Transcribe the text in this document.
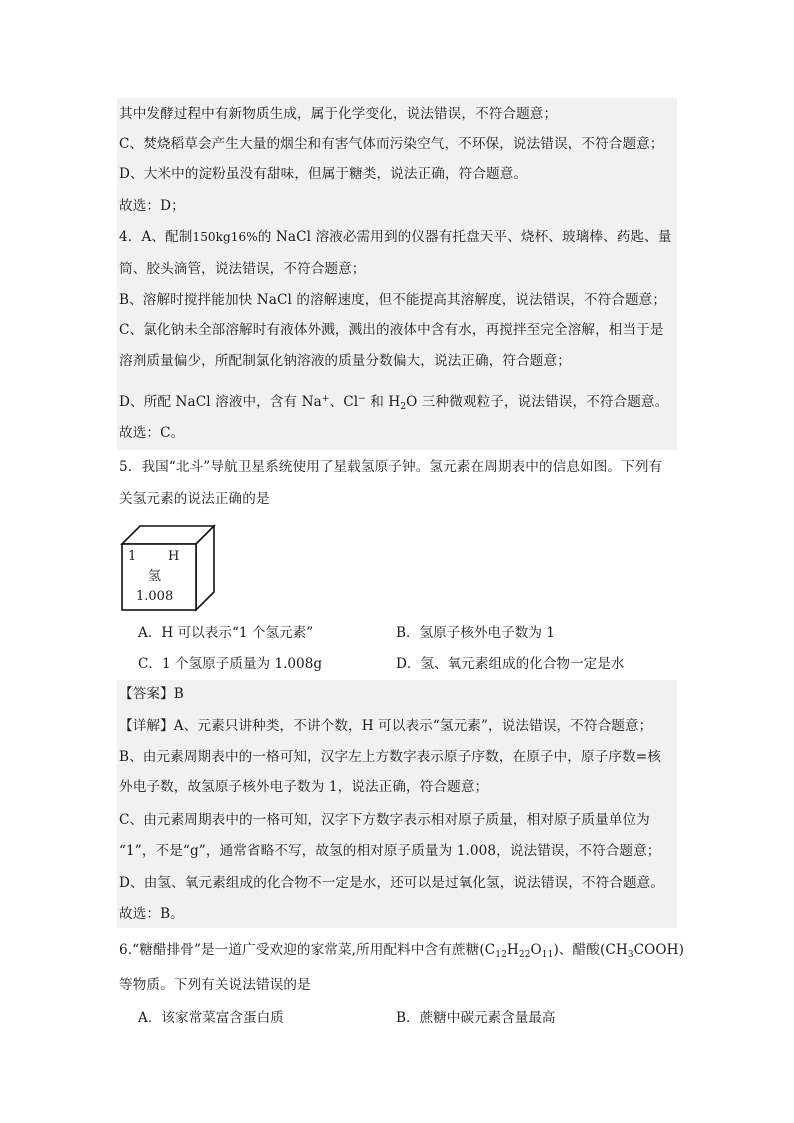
其中发酵过程中有新物质生成，属于化学变化，说法错误，不符合题意；
C、焚烧稻草会产生大量的烟尘和有害气体而污染空气，不环保，说法错误，不符合题意；
D、大米中的淀粉虽没有甜味，但属于糖类，说法正确，符合题意。
故选：D；
4．A、配制150kg16%的 NaCl 溶液必需用到的仪器有托盘天平、烧杯、玻璃棒、药匙、量
筒、胶头滴管，说法错误，不符合题意；
B、溶解时搅拌能加快 NaCl 的溶解速度，但不能提高其溶解度，说法错误，不符合题意；
C、氯化钠未全部溶解时有液体外溅，溅出的液体中含有水，再搅拌至完全溶解，相当于是
溶剂质量偏少，所配制氯化钠溶液的质量分数偏大，说法正确，符合题意；
D、所配 NaCl 溶液中，含有 Na+、Cl− 和 $H_2O$ 三种微观粒子，说法错误，不符合题意。
故选：C。
5．我国“北斗”导航卫星系统使用了星载氢原子钟。氢元素在周期表中的信息如图。下列有
关氢元素的说法正确的是
1 H
氢
1.008
A．H 可以表示“1 个氢元素”	B．氢原子核外电子数为 1
C．1 个氢原子质量为 1.008g	D．氢、氧元素组成的化合物一定是水
【答案】B
【详解】A、元素只讲种类，不讲个数，H 可以表示“氢元素”，说法错误，不符合题意；
B、由元素周期表中的一格可知，汉字左上方数字表示原子序数，在原子中，原子序数=核
外电子数，故氢原子核外电子数为 1，说法正确，符合题意；
C、由元素周期表中的一格可知，汉字下方数字表示相对原子质量，相对原子质量单位为
“1”，不是“g”，通常省略不写，故氢的相对原子质量为 1.008，说法错误，不符合题意；
D、由氢、氧元素组成的化合物不一定是水，还可以是过氧化氢，说法错误，不符合题意。
故选：B。
6.“糖醋排骨”是一道广受欢迎的家常菜,所用配料中含有蔗糖$(C_{12}H_{22}O_{11})$、醋酸$(CH_3COOH)$
等物质。下列有关说法错误的是
A．该家常菜富含蛋白质	B．蔗糖中碳元素含量最高
